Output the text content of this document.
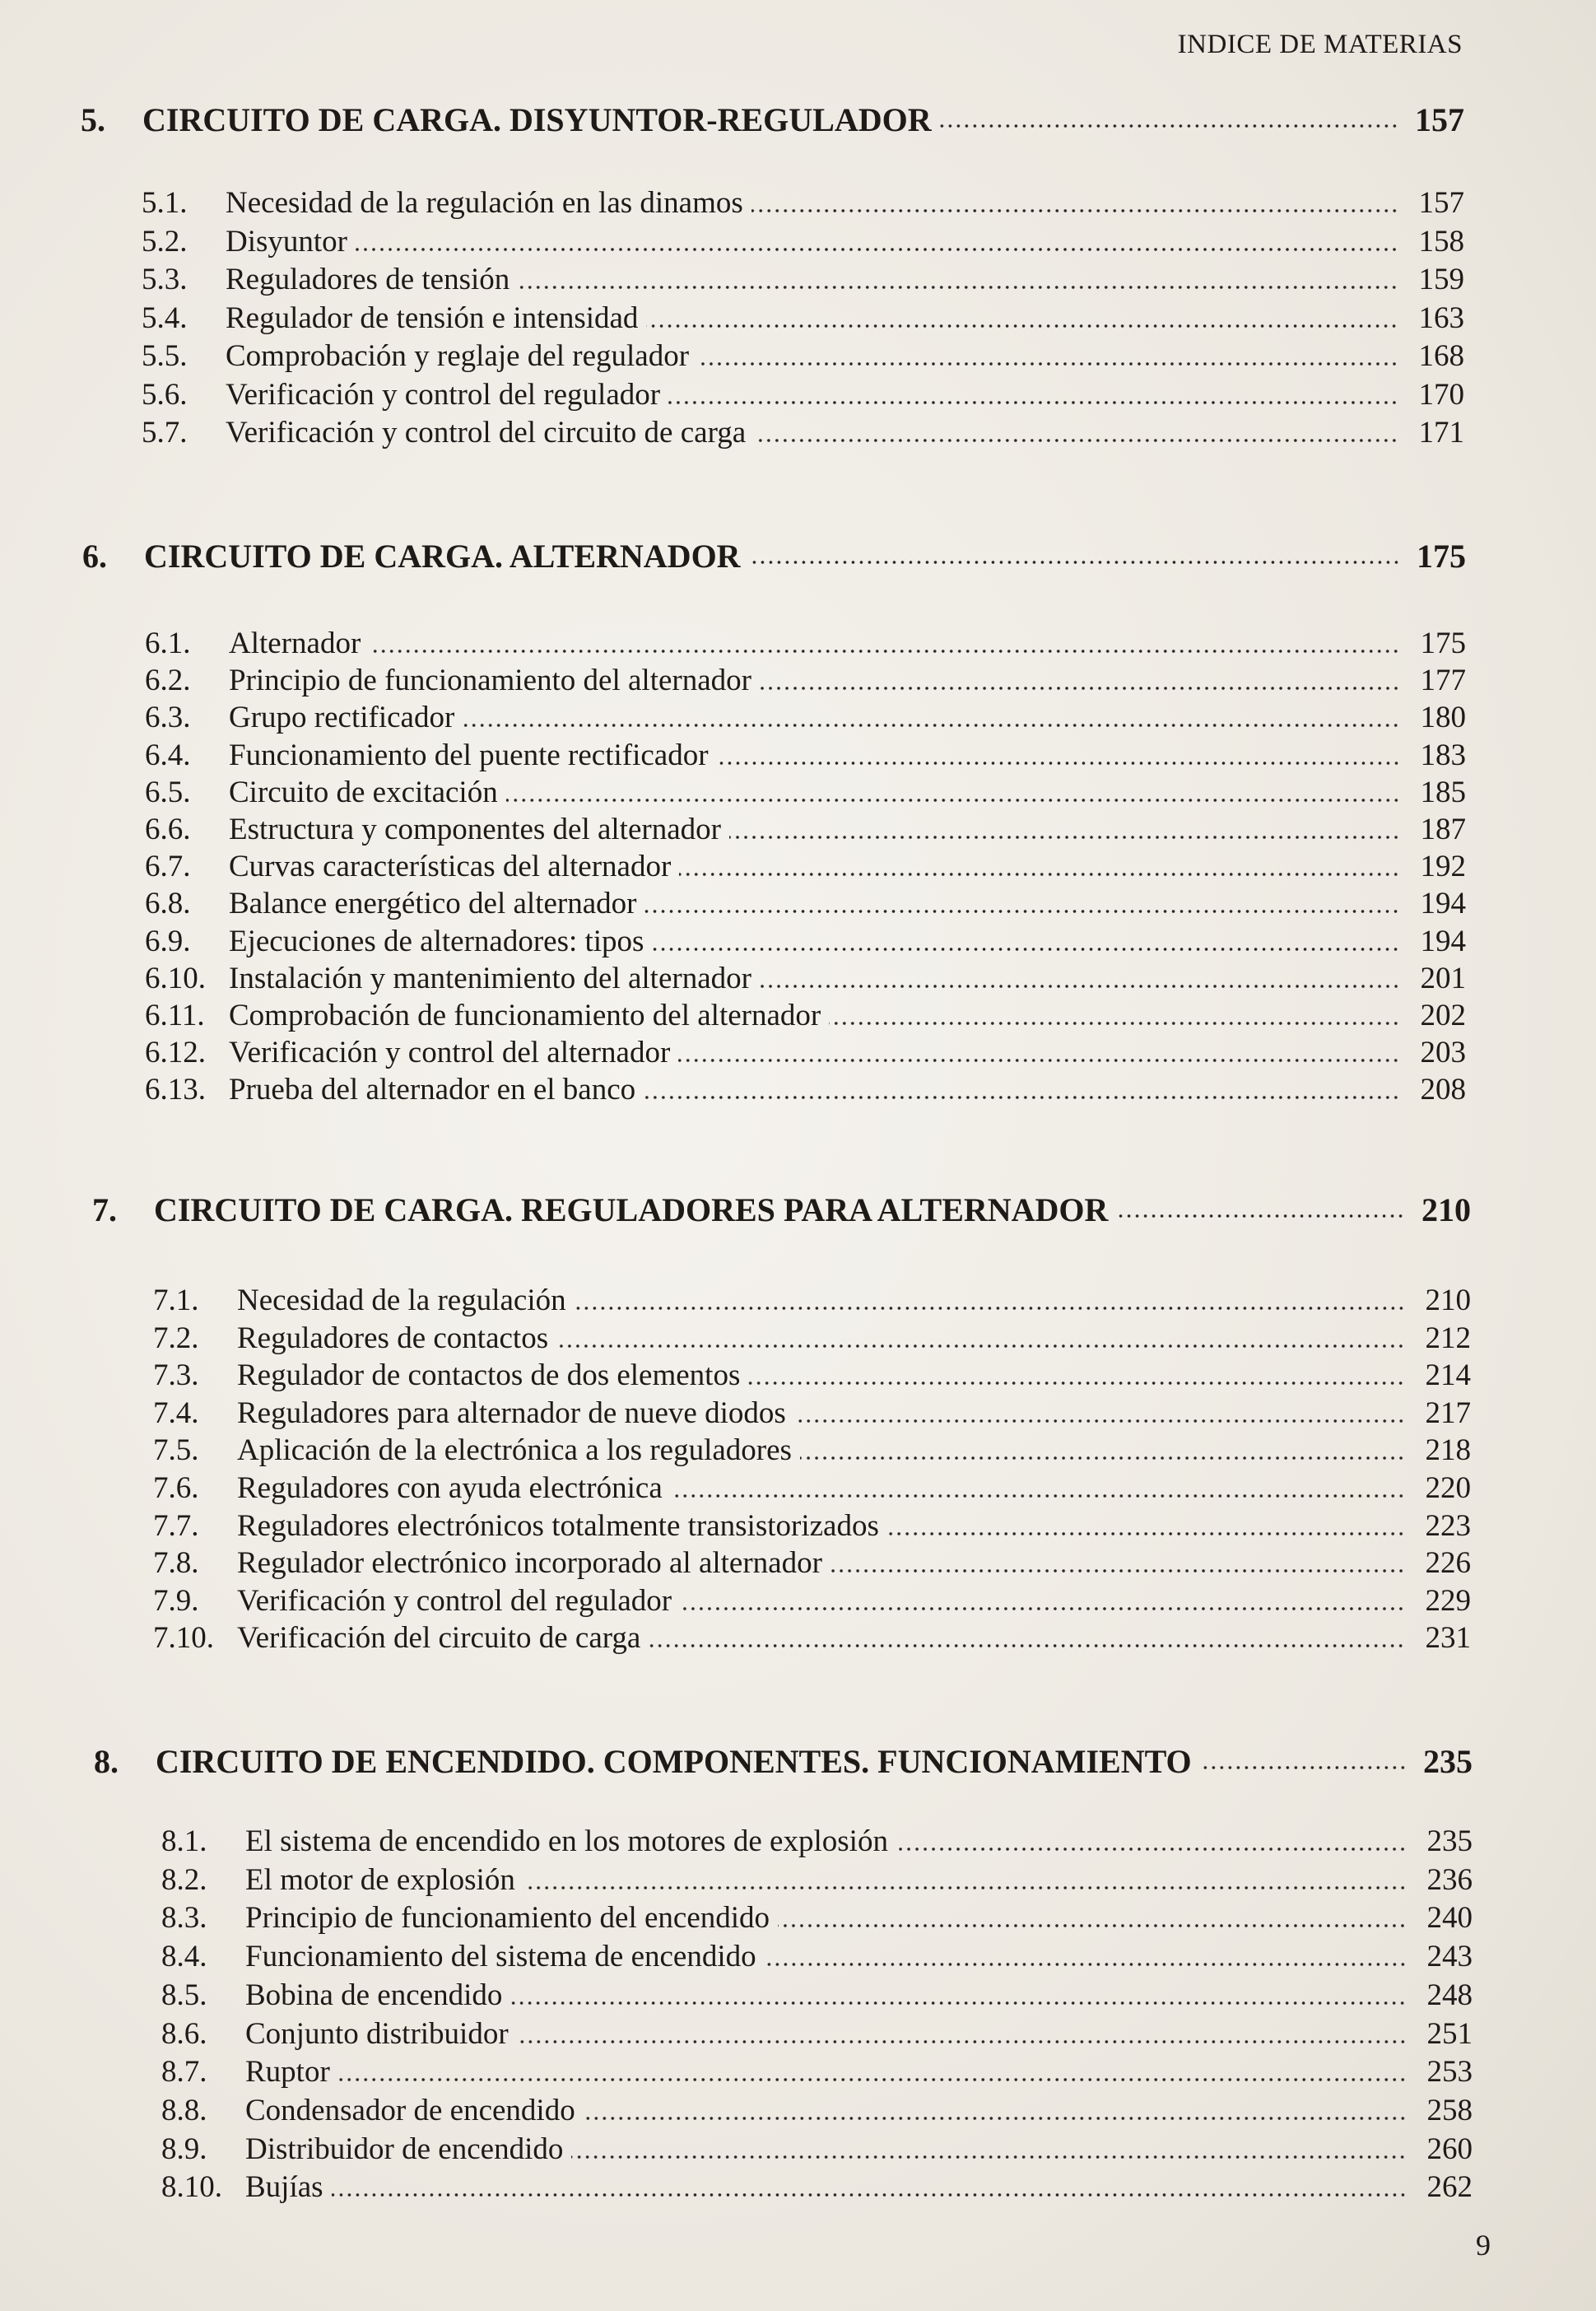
INDICE DE MATERIAS
5.	CIRCUITO DE CARGA. DISYUNTOR-REGULADOR	157
5.1.	Necesidad de la regulación en las dinamos	157
5.2.	Disyuntor	158
5.3.	Reguladores de tensión	159
5.4.	Regulador de tensión e intensidad	163
5.5.	Comprobación y reglaje del regulador	168
5.6.	Verificación y control del regulador	170
5.7.	Verificación y control del circuito de carga	171
6.	CIRCUITO DE CARGA. ALTERNADOR	175
6.1.	Alternador	175
6.2.	Principio de funcionamiento del alternador	177
6.3.	Grupo rectificador	180
6.4.	Funcionamiento del puente rectificador	183
6.5.	Circuito de excitación	185
6.6.	Estructura y componentes del alternador	187
6.7.	Curvas características del alternador	192
6.8.	Balance energético del alternador	194
6.9.	Ejecuciones de alternadores: tipos	194
6.10. Instalación y mantenimiento del alternador	201
6.11. Comprobación de funcionamiento del alternador	202
6.12. Verificación y control del alternador	203
6.13. Prueba del alternador en el banco	208
7.	CIRCUITO DE CARGA. REGULADORES PARA ALTERNADOR	210
7.1.	Necesidad de la regulación	210
7.2.	Reguladores de contactos	212
7.3.	Regulador de contactos de dos elementos	214
7.4.	Reguladores para alternador de nueve diodos	217
7.5.	Aplicación de la electrónica a los reguladores	218
7.6.	Reguladores con ayuda electrónica	220
7.7.	Reguladores electrónicos totalmente transistorizados	223
7.8.	Regulador electrónico incorporado al alternador	226
7.9.	Verificación y control del regulador	229
7.10. Verificación del circuito de carga	231
8.	CIRCUITO DE ENCENDIDO. COMPONENTES. FUNCIONAMIENTO	235
8.1.	El sistema de encendido en los motores de explosión	235
8.2.	El motor de explosión	236
8.3.	Principio de funcionamiento del encendido	240
8.4.	Funcionamiento del sistema de encendido	243
8.5.	Bobina de encendido	248
8.6.	Conjunto distribuidor	251
8.7.	Ruptor	253
8.8.	Condensador de encendido	258
8.9.	Distribuidor de encendido	260
8.10. Bujías	262
9
